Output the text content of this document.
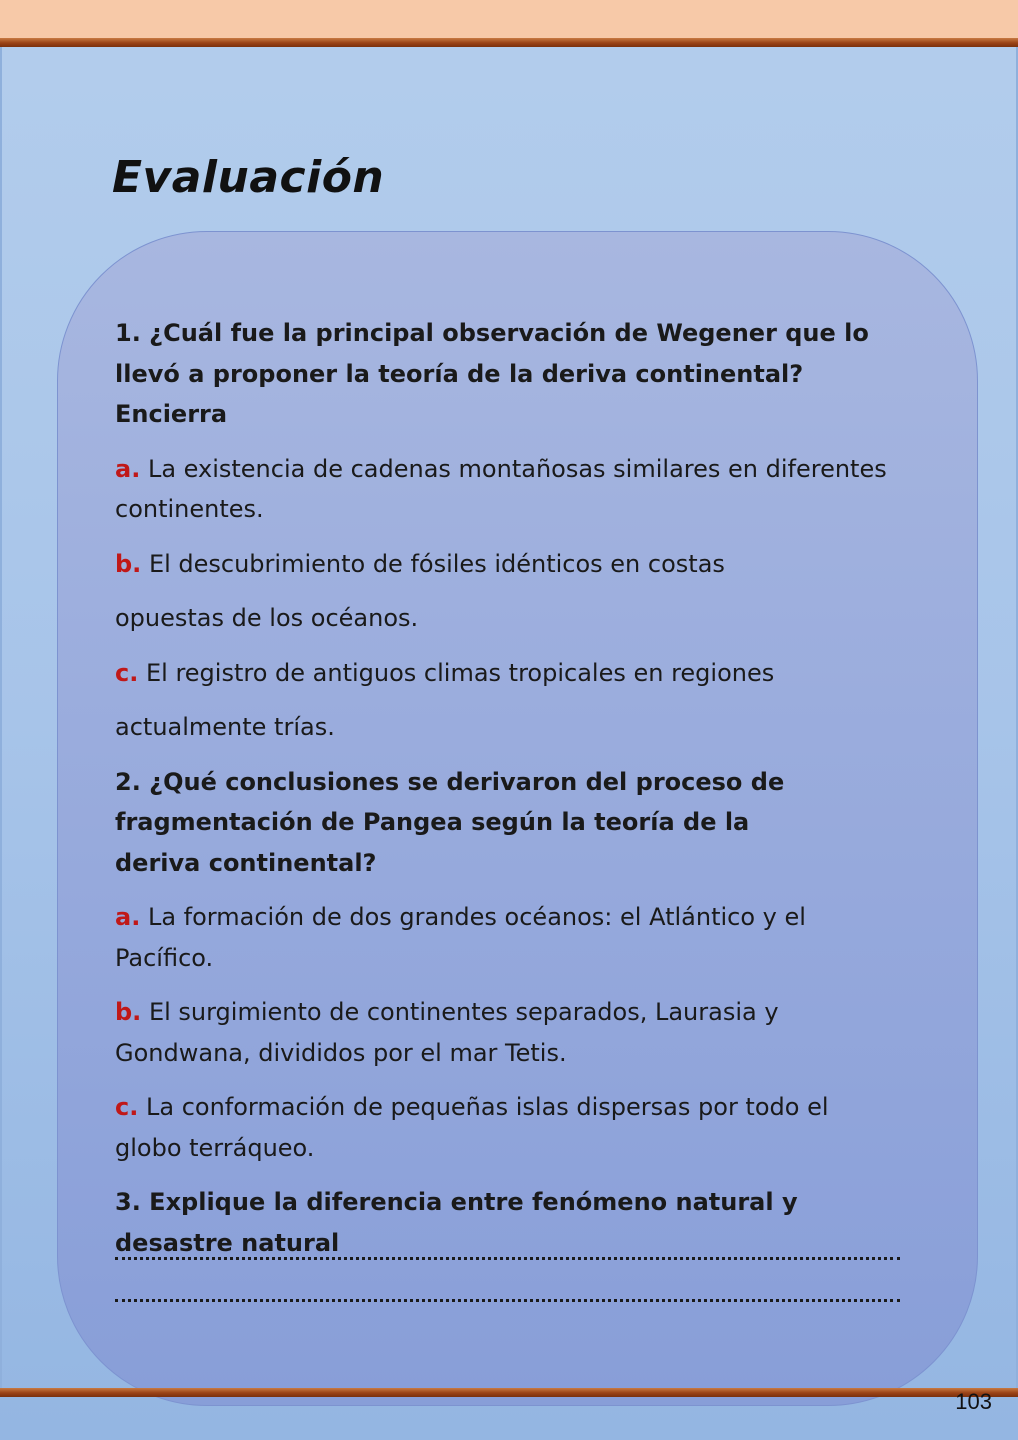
Evaluación

1. ¿Cuál fue la principal observación de Wegener que lo llevó a proponer la teoría de la deriva continental? Encierra

a. La existencia de cadenas montañosas similares en diferentes continentes.

b. El descubrimiento de fósiles idénticos en costas

opuestas de los océanos.

c. El registro de antiguos climas tropicales en regiones

actualmente trías.

2. ¿Qué conclusiones se derivaron del proceso de fragmentación de Pangea según la teoría de la deriva continental?

a. La formación de dos grandes océanos: el Atlántico y el Pacífico.

b. El surgimiento de continentes separados, Laurasia y Gondwana, divididos por el mar Tetis.

c. La conformación de pequeñas islas dispersas por todo el globo terráqueo.

3. Explique la diferencia entre fenómeno natural y desastre natural

103
